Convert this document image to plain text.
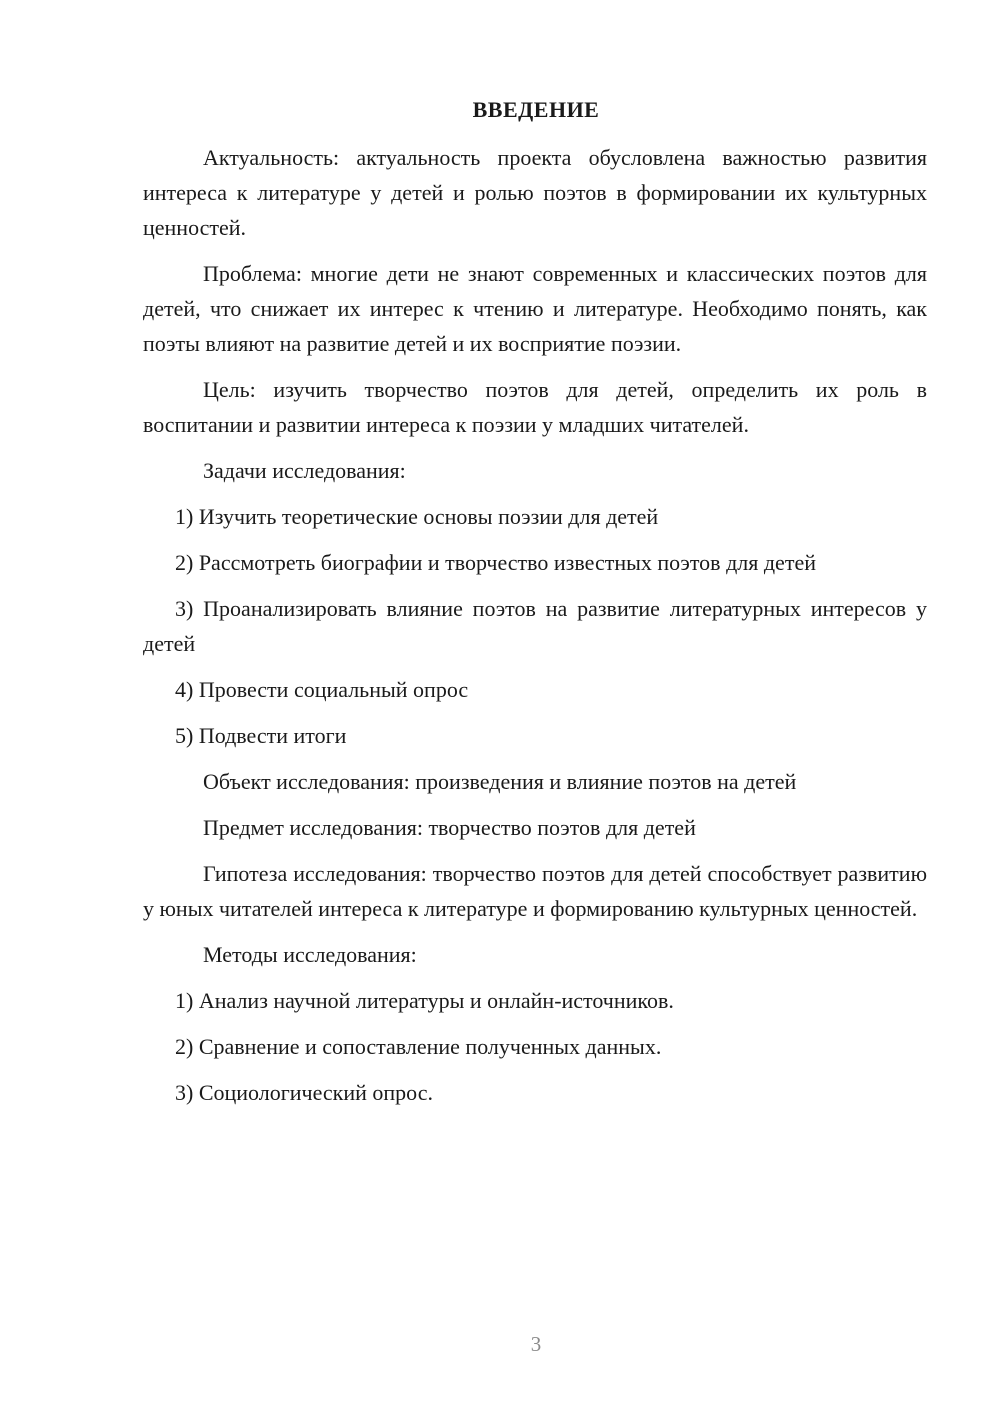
ВВЕДЕНИЕ

Актуальность: актуальность проекта обусловлена важностью развития интереса к литературе у детей и ролью поэтов в формировании их культурных ценностей.

Проблема: многие дети не знают современных и классических поэтов для детей, что снижает их интерес к чтению и литературе. Необходимо понять, как поэты влияют на развитие детей и их восприятие поэзии.

Цель: изучить творчество поэтов для детей, определить их роль в воспитании и развитии интереса к поэзии у младших читателей.

Задачи исследования:

1) Изучить теоретические основы поэзии для детей

2) Рассмотреть биографии и творчество известных поэтов для детей

3) Проанализировать влияние поэтов на развитие литературных интересов у детей

4) Провести социальный опрос

5) Подвести итоги

Объект исследования: произведения и влияние поэтов на детей

Предмет исследования: творчество поэтов для детей

Гипотеза исследования: творчество поэтов для детей способствует развитию у юных читателей интереса к литературе и формированию культурных ценностей.

Методы исследования:

1) Анализ научной литературы и онлайн-источников.

2) Сравнение и сопоставление полученных данных.

3) Социологический опрос.

3
